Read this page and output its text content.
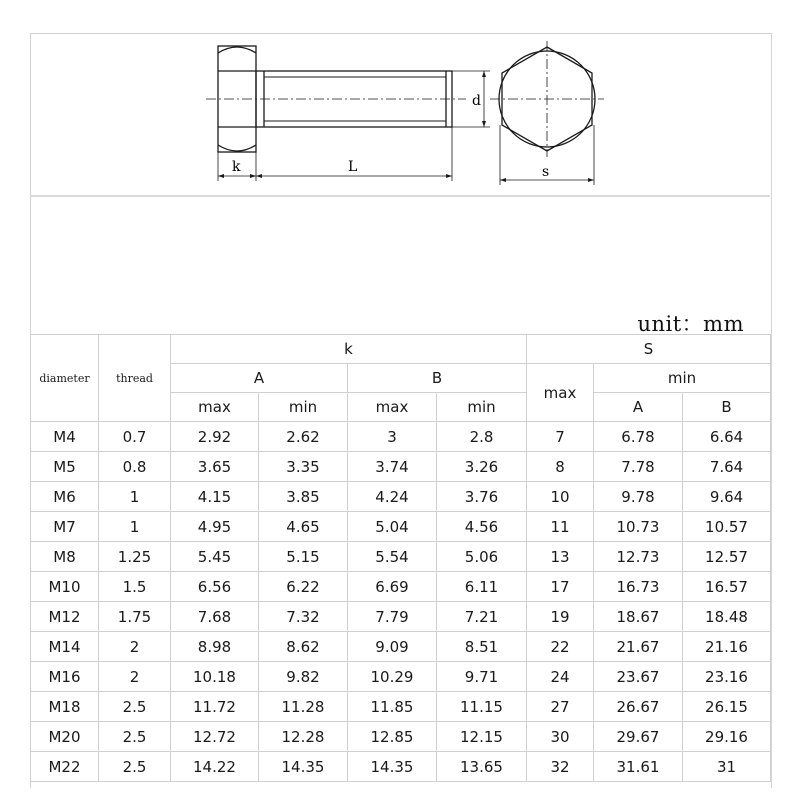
k	L
d
s
unit：mm
diameter	thread	k				S		
		A		B		max	min	
		max	min	max	min		A	B
M4	0.7	2.92	2.62	3	2.8	7	6.78	6.64
M5	0.8	3.65	3.35	3.74	3.26	8	7.78	7.64
M6	1	4.15	3.85	4.24	3.76	10	9.78	9.64
M7	1	4.95	4.65	5.04	4.56	11	10.73	10.57
M8	1.25	5.45	5.15	5.54	5.06	13	12.73	12.57
M10	1.5	6.56	6.22	6.69	6.11	17	16.73	16.57
M12	1.75	7.68	7.32	7.79	7.21	19	18.67	18.48
M14	2	8.98	8.62	9.09	8.51	22	21.67	21.16
M16	2	10.18	9.82	10.29	9.71	24	23.67	23.16
M18	2.5	11.72	11.28	11.85	11.15	27	26.67	26.15
M20	2.5	12.72	12.28	12.85	12.15	30	29.67	29.16
M22	2.5	14.22	14.35	14.35	13.65	32	31.61	31
